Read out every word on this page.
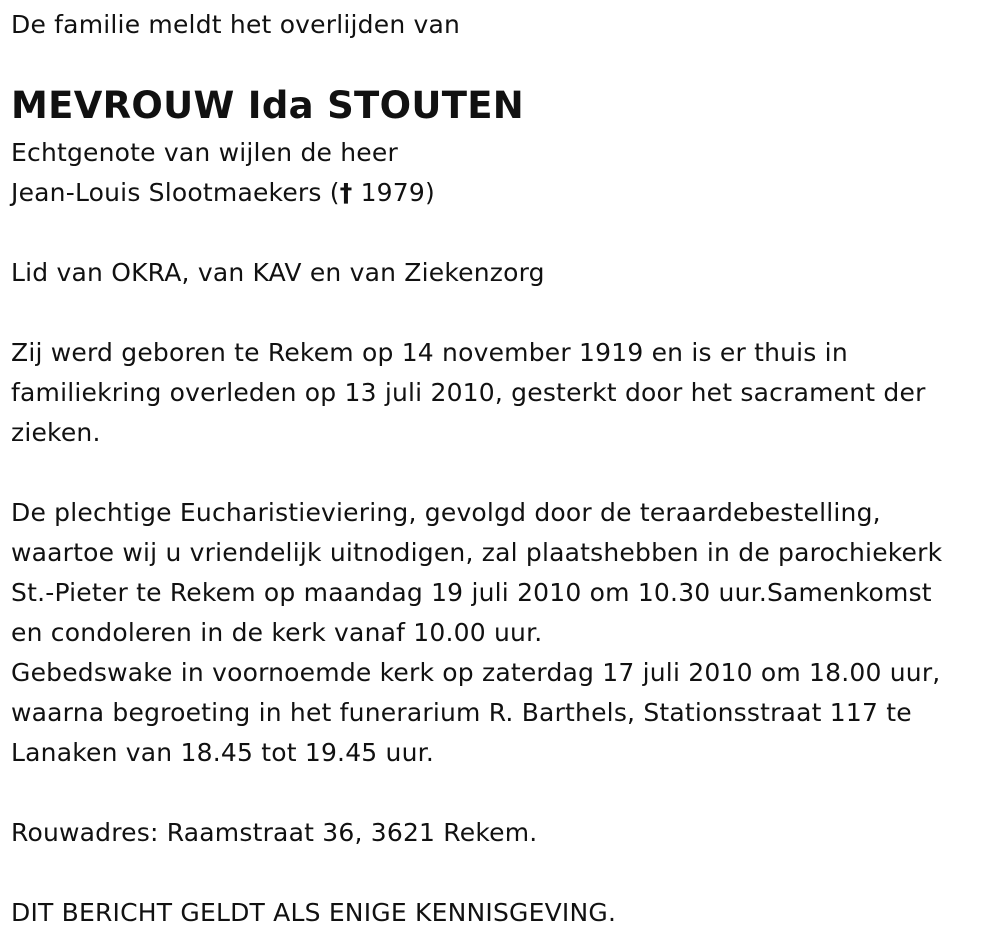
De familie meldt het overlijden van
MEVROUW Ida STOUTEN
Echtgenote van wijlen de heer
Jean-Louis Slootmaekers († 1979)
Lid van OKRA, van KAV en van Ziekenzorg
Zij werd geboren te Rekem op 14 november 1919 en is er thuis in
familiekring overleden op 13 juli 2010, gesterkt door het sacrament der
zieken.
De plechtige Eucharistieviering, gevolgd door de teraardebestelling,
waartoe wij u vriendelijk uitnodigen, zal plaatshebben in de parochiekerk
St.-Pieter te Rekem op maandag 19 juli 2010 om 10.30 uur.Samenkomst
en condoleren in de kerk vanaf 10.00 uur.
Gebedswake in voornoemde kerk op zaterdag 17 juli 2010 om 18.00 uur,
waarna begroeting in het funerarium R. Barthels, Stationsstraat 117 te
Lanaken van 18.45 tot 19.45 uur.
Rouwadres: Raamstraat 36, 3621 Rekem.
DIT BERICHT GELDT ALS ENIGE KENNISGEVING.
